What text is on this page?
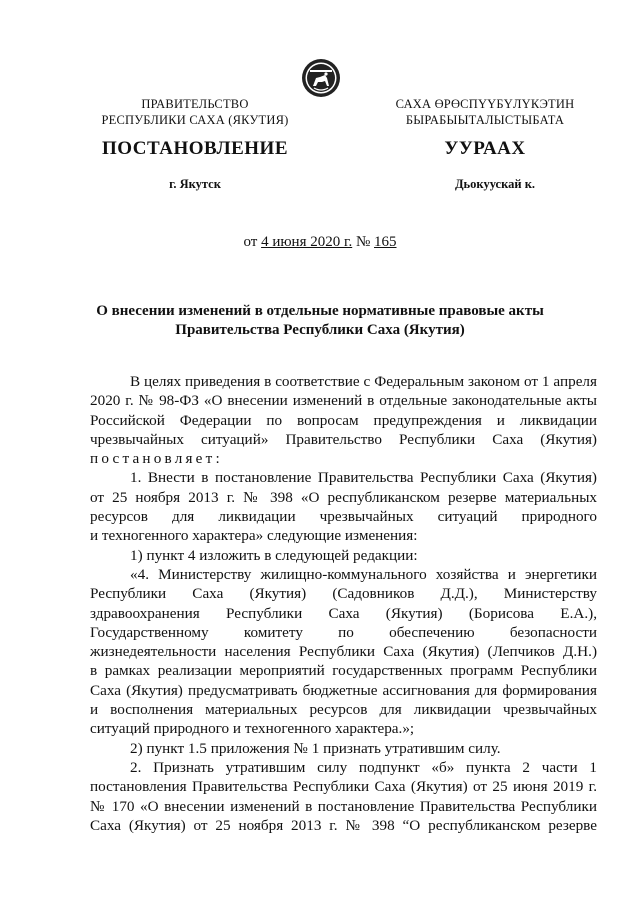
ПРАВИТЕЛЬСТВО
РЕСПУБЛИКИ САХА (ЯКУТИЯ)
САХА ӨРӨСПҮҮБҮЛҮКЭТИН
БЫРАБЫЫТАЛЫСТЫБАТА
ПОСТАНОВЛЕНИЕ	УУРААХ
г. Якутск	Дьокуускай к.
от 4 июня 2020 г. № 165
О внесении изменений в отдельные нормативные правовые акты
Правительства Республики Саха (Якутия)
В целях приведения в соответствие с Федеральным законом от 1 апреля
2020 г. № 98-ФЗ «О внесении изменений в отдельные законодательные акты
Российской Федерации по вопросам предупреждения и ликвидации
чрезвычайных ситуаций» Правительство Республики Саха (Якутия)
постановляет:
1. Внести в постановление Правительства Республики Саха (Якутия)
от 25 ноября 2013 г. № 398 «О республиканском резерве материальных
ресурсов для ликвидации чрезвычайных ситуаций природного
и техногенного характера» следующие изменения:
1) пункт 4 изложить в следующей редакции:
«4. Министерству жилищно-коммунального хозяйства и энергетики
Республики Саха (Якутия) (Садовников Д.Д.), Министерству
здравоохранения Республики Саха (Якутия) (Борисова Е.А.),
Государственному комитету по обеспечению безопасности
жизнедеятельности населения Республики Саха (Якутия) (Лепчиков Д.Н.)
в рамках реализации мероприятий государственных программ Республики
Саха (Якутия) предусматривать бюджетные ассигнования для формирования
и восполнения материальных ресурсов для ликвидации чрезвычайных
ситуаций природного и техногенного характера.»;
2) пункт 1.5 приложения № 1 признать утратившим силу.
2. Признать утратившим силу подпункт «б» пункта 2 части 1
постановления Правительства Республики Саха (Якутия) от 25 июня 2019 г.
№ 170 «О внесении изменений в постановление Правительства Республики
Саха (Якутия) от 25 ноября 2013 г. № 398 “О республиканском резерве
